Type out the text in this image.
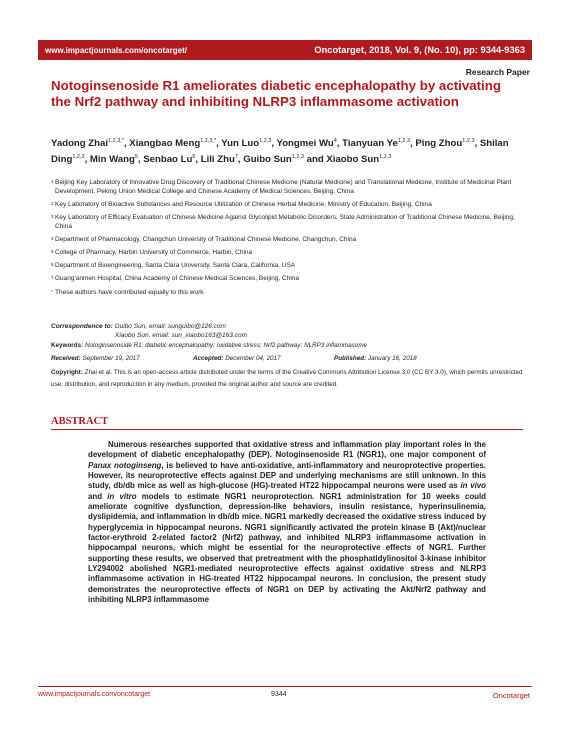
www.impactjournals.com/oncotarget/	Oncotarget, 2018, Vol. 9, (No. 10), pp: 9344-9363
Research Paper
Notoginsenoside R1 ameliorates diabetic encephalopathy by activating the Nrf2 pathway and inhibiting NLRP3 inflammasome activation
Yadong Zhai$^{1,2,3,*}$, Xiangbao Meng$^{1,2,3,*}$, Yun Luo$^{1,2,3}$, Yongmei Wu$^4$, Tianyuan Ye$^{1,2,3}$, Ping Zhou$^{1,2,3}$, Shilan Ding$^{1,2,3}$, Min Wang$^5$, Senbao Lu$^6$, Lili Zhu$^7$, Guibo Sun$^{1,2,3}$ and Xiaobo Sun$^{1,2,3}$
1 Beijing Key Laboratory of Innovative Drug Discovery of Traditional Chinese Medicine (Natural Medicine) and Translational Medicine, Institute of Medicinal Plant Development, Peking Union Medical College and Chinese Academy of Medical Sciences, Beijing, China
2 Key Laboratory of Bioactive Substances and Resource Utilization of Chinese Herbal Medicine, Ministry of Education, Beijing, China
3 Key Laboratory of Efficacy Evaluation of Chinese Medicine Against Glycolipid Metabolic Disorders, State Administration of Traditional Chinese Medicine, Beijing, China
4 Department of Pharmacology, Changchun University of Traditional Chinese Medicine, Changchun, China
5 College of Pharmacy, Harbin University of Commerce, Harbin, China
6 Department of Bioengineering, Santa Clara University, Santa Clara, California, USA
7 Guang'anmen Hospital, China Academy of Chinese Medical Sciences, Beijing, China
* These authors have contributed equally to this work
Correspondence to: Guibo Sun, email: sunguibo@126.com
Xiaobo Sun, email: sun_xiaobo163@163.com
Keywords: Notoginsenoside R1; diabetic encephalopathy; oxidative stress; Nrf2 pathway; NLRP3 inflammasome
Received: September 19, 2017	Accepted: December 04, 2017	Published: January 16, 2018
Copyright: Zhai et al. This is an open-access article distributed under the terms of the Creative Commons Attribution License 3.0 (CC BY 3.0), which permits unrestricted use, distribution, and reproduction in any medium, provided the original author and source are credited.
ABSTRACT
Numerous researches supported that oxidative stress and inflammation play important roles in the development of diabetic encephalopathy (DEP). Notoginsenoside R1 (NGR1), one major component of Panax notoginseng, is believed to have anti-oxidative, anti-inflammatory and neuroprotective properties. However, its neuroprotective effects against DEP and underlying mechanisms are still unknown. In this study, db/db mice as well as high-glucose (HG)-treated HT22 hippocampal neurons were used as in vivo and in vitro models to estimate NGR1 neuroprotection. NGR1 administration for 10 weeks could ameliorate cognitive dysfunction, depression-like behaviors, insulin resistance, hyperinsulinemia, dyslipidemia, and inflammation in db/db mice. NGR1 markedly decreased the oxidative stress induced by hyperglycemia in hippocampal neurons. NGR1 significantly activated the protein kinase B (Akt)/nuclear factor-erythroid 2-related factor2 (Nrf2) pathway, and inhibited NLRP3 inflammasome activation in hippocampal neurons, which might be essential for the neuroprotective effects of NGR1. Further supporting these results, we observed that pretreatment with the phosphatidylinositol 3-kinase inhibitor LY294002 abolished NGR1-mediated neuroprotective effects against oxidative stress and NLRP3 inflammasome activation in HG-treated HT22 hippocampal neurons. In conclusion, the present study demonstrates the neuroprotective effects of NGR1 on DEP by activating the Akt/Nrf2 pathway and inhibiting NLRP3 inflammasome
www.impactjournals.com/oncotarget	9344	Oncotarget
